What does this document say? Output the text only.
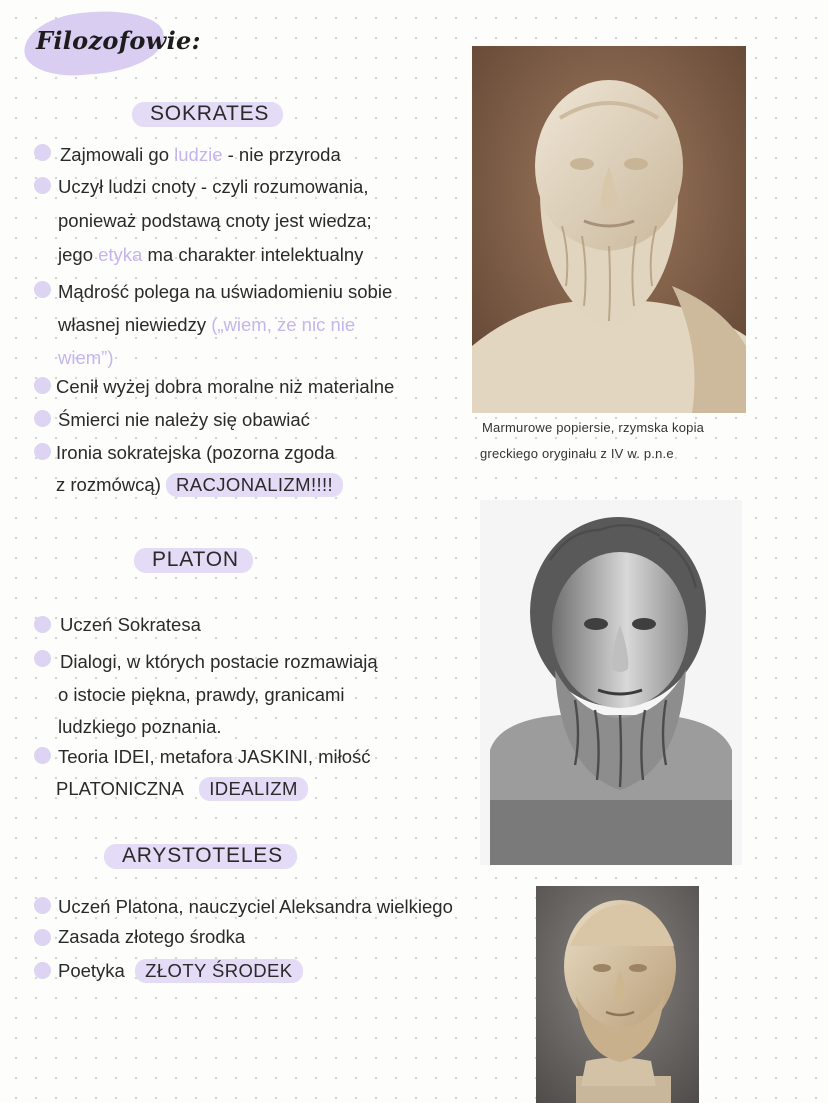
Filozofowie:
SOKRATES
Zajmowali go ludzie - nie przyroda
Uczył ludzi cnoty - czyli rozumowania,
ponieważ podstawą cnoty jest wiedza;
jego etyka ma charakter intelektualny
Mądrość polega na uświadomieniu sobie
własnej niewiedzy („wiem, że nic nie
wiem”)
Cenił wyżej dobra moralne niż materialne
Śmierci nie należy się obawiać
Ironia sokratejska (pozorna zgoda
z rozmówcą) RACJONALIZM!!!!
Marmurowe popiersie, rzymska kopia
greckiego oryginału z IV w. p.n.e
PLATON
Uczeń Sokratesa
Dialogi, w których postacie rozmawiają
o istocie piękna, prawdy, granicami
ludzkiego poznania.
Teoria IDEI, metafora JASKINI, miłość
PLATONICZNA IDEALIZM
ARYSTOTELES
Uczeń Platona, nauczyciel Aleksandra wielkiego
Zasada złotego środka
Poetyka ZŁOTY ŚRODEK
